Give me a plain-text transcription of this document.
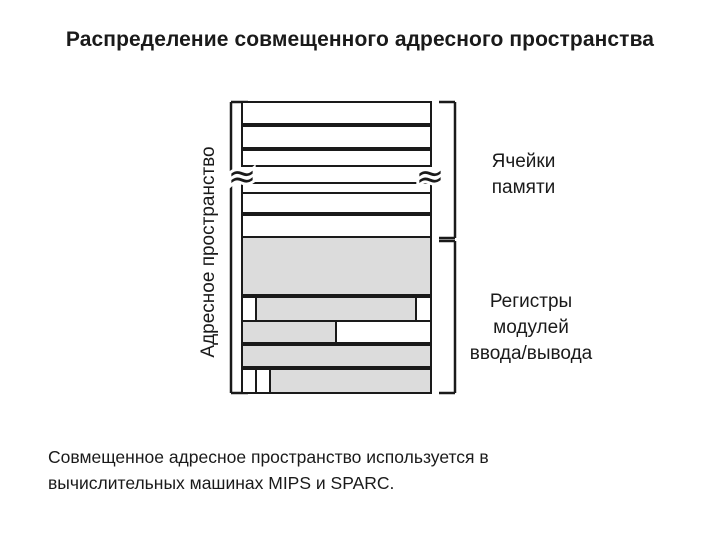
Распределение совмещенного адресного пространства
Адресное пространство ≈	≈	Ячейки
памяти
Регистры
модулей
ввода/вывода
Совмещенное адресное пространство используется в
вычислительных машинах MIPS и SPARC.
